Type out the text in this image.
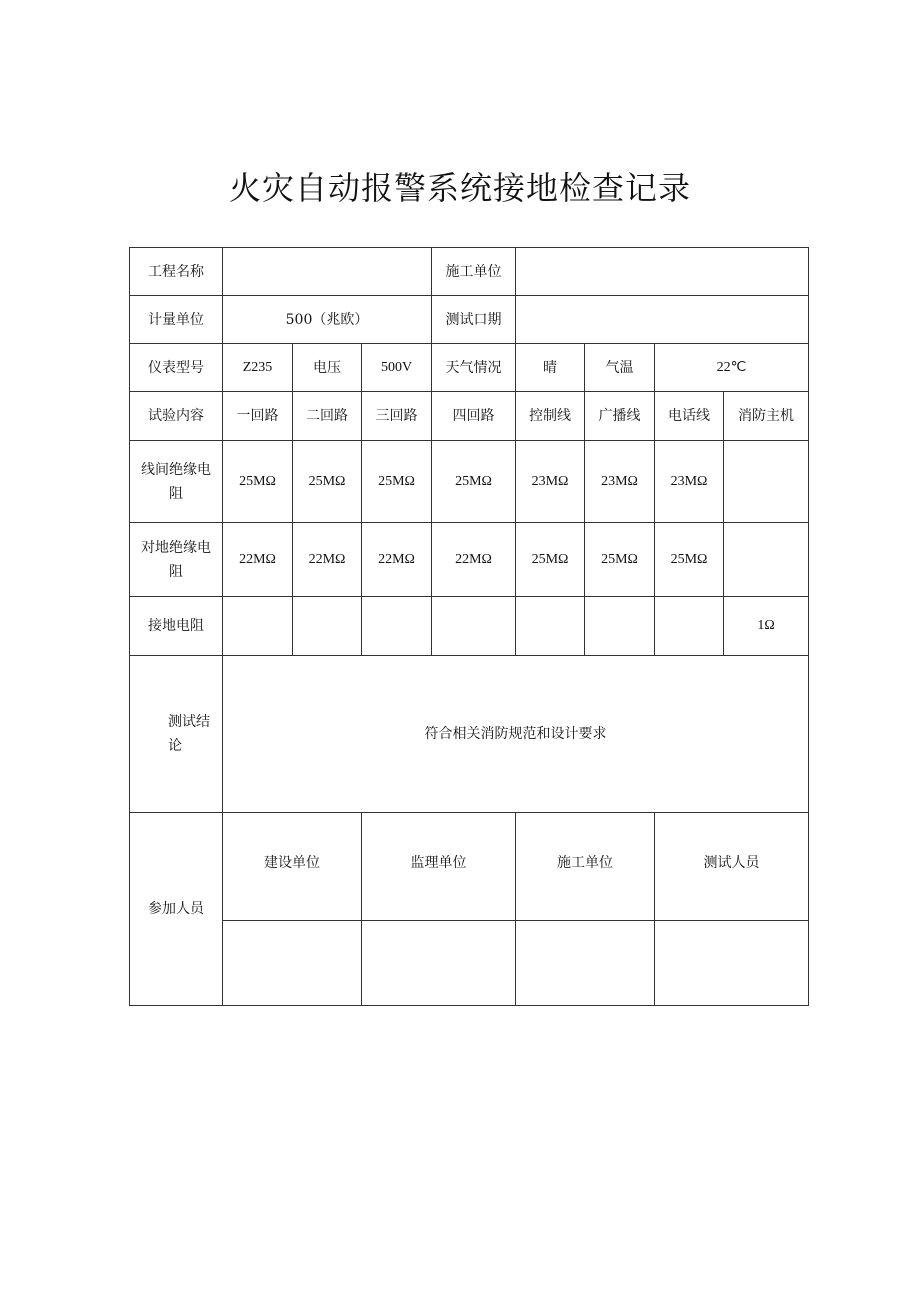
火灾自动报警系统接地检查记录
工程名称				施工单位				
计量单位	500（兆欧）			测试口期				
仪表型号	Z235	电压	500V	天气情况	晴	气温	22℃	
试验内容	一回路	二回路	三回路	四回路	控制线	广播线	电话线	消防主机
线间绝缘电阻	25MΩ	25MΩ	25MΩ	25MΩ	23MΩ	23MΩ	23MΩ	
对地绝缘电阻	22MΩ	22MΩ	22MΩ	22MΩ	25MΩ	25MΩ	25MΩ	
接地电阻								1Ω
测试结论	符合相关消防规范和设计要求							
参加人员	建设单位		监理单位		施工单位		测试人员	
